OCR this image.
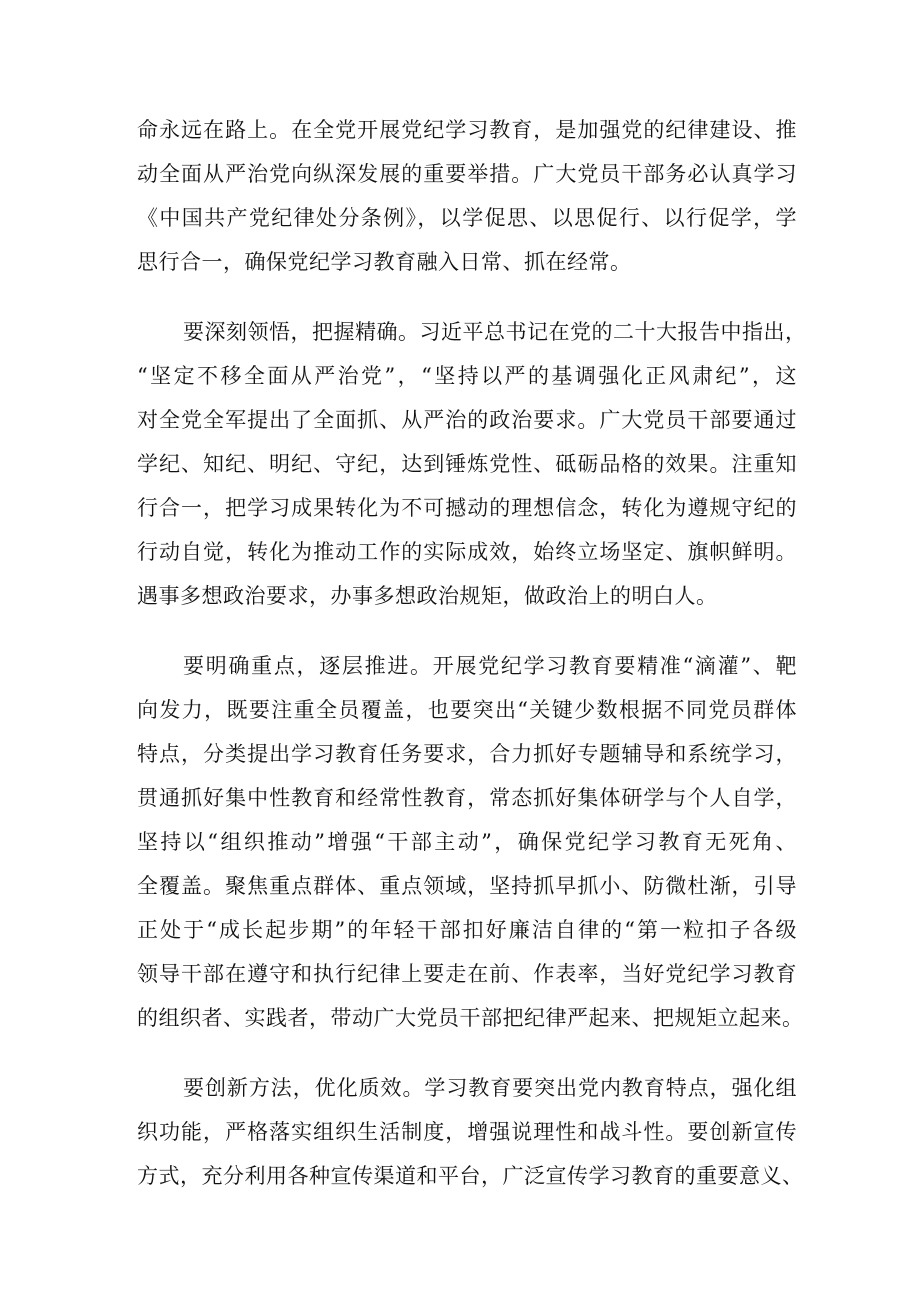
命永远在路上。在全党开展党纪学习教育，是加强党的纪律建设、推
动全面从严治党向纵深发展的重要举措。广大党员干部务必认真学习
《中国共产党纪律处分条例》，以学促思、以思促行、以行促学，学
思行合一，确保党纪学习教育融入日常、抓在经常。
要深刻领悟，把握精确。习近平总书记在党的二十大报告中指出，
“坚定不移全面从严治党”，“坚持以严的基调强化正风肃纪”，这
对全党全军提出了全面抓、从严治的政治要求。广大党员干部要通过
学纪、知纪、明纪、守纪，达到锤炼党性、砥砺品格的效果。注重知
行合一，把学习成果转化为不可撼动的理想信念，转化为遵规守纪的
行动自觉，转化为推动工作的实际成效，始终立场坚定、旗帜鲜明。
遇事多想政治要求，办事多想政治规矩，做政治上的明白人。
要明确重点，逐层推进。开展党纪学习教育要精准“滴灌”、靶
向发力，既要注重全员覆盖，也要突出“关键少数根据不同党员群体
特点，分类提出学习教育任务要求，合力抓好专题辅导和系统学习，
贯通抓好集中性教育和经常性教育，常态抓好集体研学与个人自学，
坚持以“组织推动”增强“干部主动”，确保党纪学习教育无死角、
全覆盖。聚焦重点群体、重点领域，坚持抓早抓小、防微杜渐，引导
正处于“成长起步期”的年轻干部扣好廉洁自律的“第一粒扣子各级
领导干部在遵守和执行纪律上要走在前、作表率，当好党纪学习教育
的组织者、实践者，带动广大党员干部把纪律严起来、把规矩立起来。
要创新方法，优化质效。学习教育要突出党内教育特点，强化组
织功能，严格落实组织生活制度，增强说理性和战斗性。要创新宣传
方式，充分利用各种宣传渠道和平台，广泛宣传学习教育的重要意义、
